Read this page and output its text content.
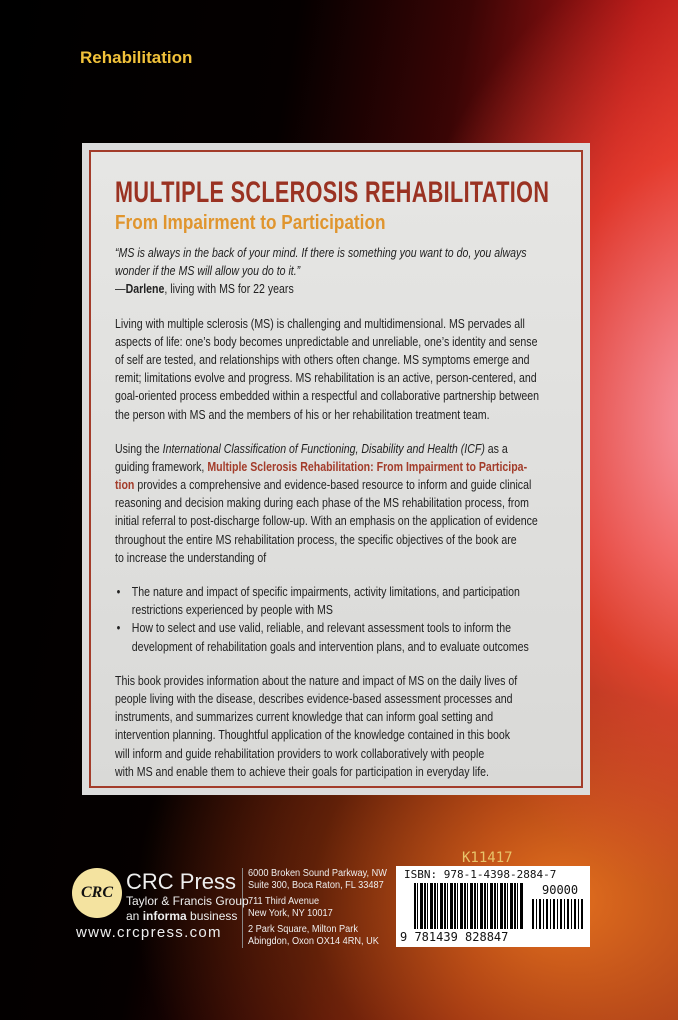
Rehabilitation
MULTIPLE SCLEROSIS REHABILITATION
From Impairment to Participation
“MS is always in the back of your mind. If there is something you want to do, you always
wonder if the MS will allow you do to it.”
—Darlene, living with MS for 22 years
Living with multiple sclerosis (MS) is challenging and multidimensional. MS pervades all
aspects of life: one’s body becomes unpredictable and unreliable, one’s identity and sense
of self are tested, and relationships with others often change. MS symptoms emerge and
remit; limitations evolve and progress. MS rehabilitation is an active, person-centered, and
goal-oriented process embedded within a respectful and collaborative partnership between
the person with MS and the members of his or her rehabilitation treatment team.
Using the International Classification of Functioning, Disability and Health (ICF) as a
guiding framework, Multiple Sclerosis Rehabilitation: From Impairment to Participa-
tion provides a comprehensive and evidence-based resource to inform and guide clinical
reasoning and decision making during each phase of the MS rehabilitation process, from
initial referral to post-discharge follow-up. With an emphasis on the application of evidence
throughout the entire MS rehabilitation process, the specific objectives of the book are
to increase the understanding of
• The nature and impact of specific impairments, activity limitations, and participation
restrictions experienced by people with MS
• How to select and use valid, reliable, and relevant assessment tools to inform the
development of rehabilitation goals and intervention plans, and to evaluate outcomes
This book provides information about the nature and impact of MS on the daily lives of
people living with the disease, describes evidence-based assessment processes and
instruments, and summarizes current knowledge that can inform goal setting and
intervention planning. Thoughtful application of the knowledge contained in this book
will inform and guide rehabilitation providers to work collaboratively with people
with MS and enable them to achieve their goals for participation in everyday life.
K11417
CRC CRC Press
Taylor & Francis Group
an informa business
www.crcpress.com
6000 Broken Sound Parkway, NW
Suite 300, Boca Raton, FL 33487
711 Third Avenue
New York, NY 10017
2 Park Square, Milton Park
Abingdon, Oxon OX14 4RN, UK
ISBN: 978-1-4398-2884-7
90000
9 781439 828847
